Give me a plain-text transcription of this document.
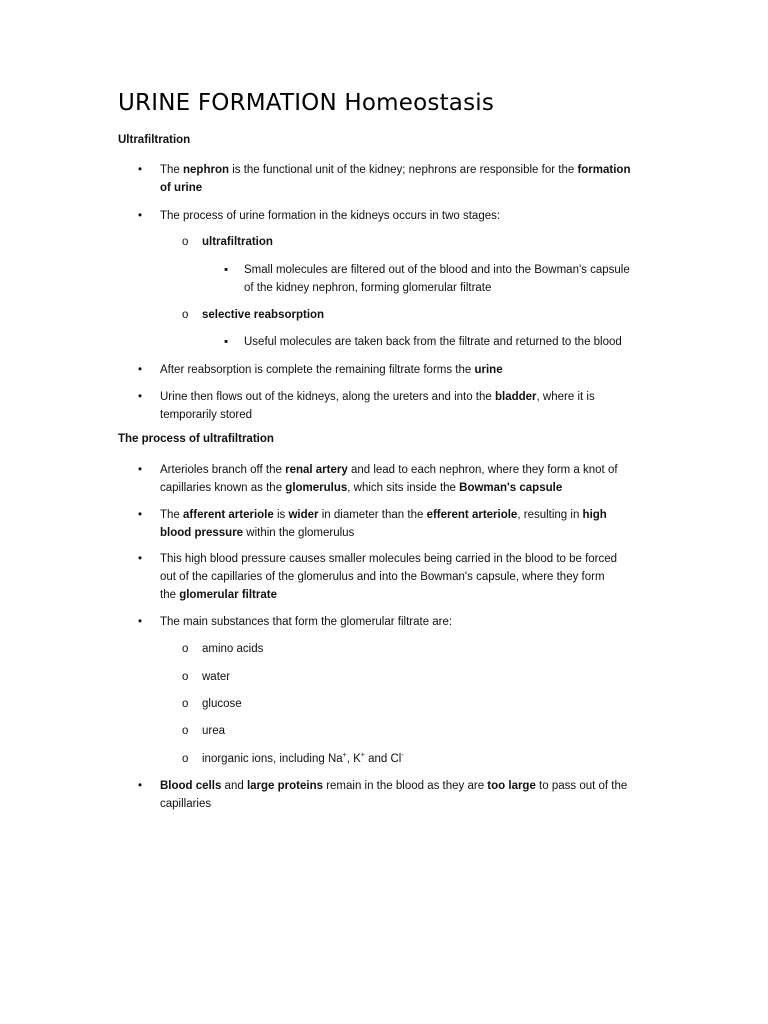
URINE FORMATION Homeostasis
Ultrafiltration
• The nephron is the functional unit of the kidney; nephrons are responsible for the formation
of urine
• The process of urine formation in the kidneys occurs in two stages:
o ultrafiltration
▪ Small molecules are filtered out of the blood and into the Bowman's capsule
of the kidney nephron, forming glomerular filtrate
o selective reabsorption
▪ Useful molecules are taken back from the filtrate and returned to the blood
• After reabsorption is complete the remaining filtrate forms the urine
• Urine then flows out of the kidneys, along the ureters and into the bladder, where it is
temporarily stored
The process of ultrafiltration
• Arterioles branch off the renal artery and lead to each nephron, where they form a knot of
capillaries known as the glomerulus, which sits inside the Bowman's capsule
• The afferent arteriole is wider in diameter than the efferent arteriole, resulting in high
blood pressure within the glomerulus
• This high blood pressure causes smaller molecules being carried in the blood to be forced
out of the capillaries of the glomerulus and into the Bowman's capsule, where they form
the glomerular filtrate
• The main substances that form the glomerular filtrate are:
o amino acids
o water
o glucose
o urea
o inorganic ions, including Na+, K+ and Cl-
• Blood cells and large proteins remain in the blood as they are too large to pass out of the
capillaries
